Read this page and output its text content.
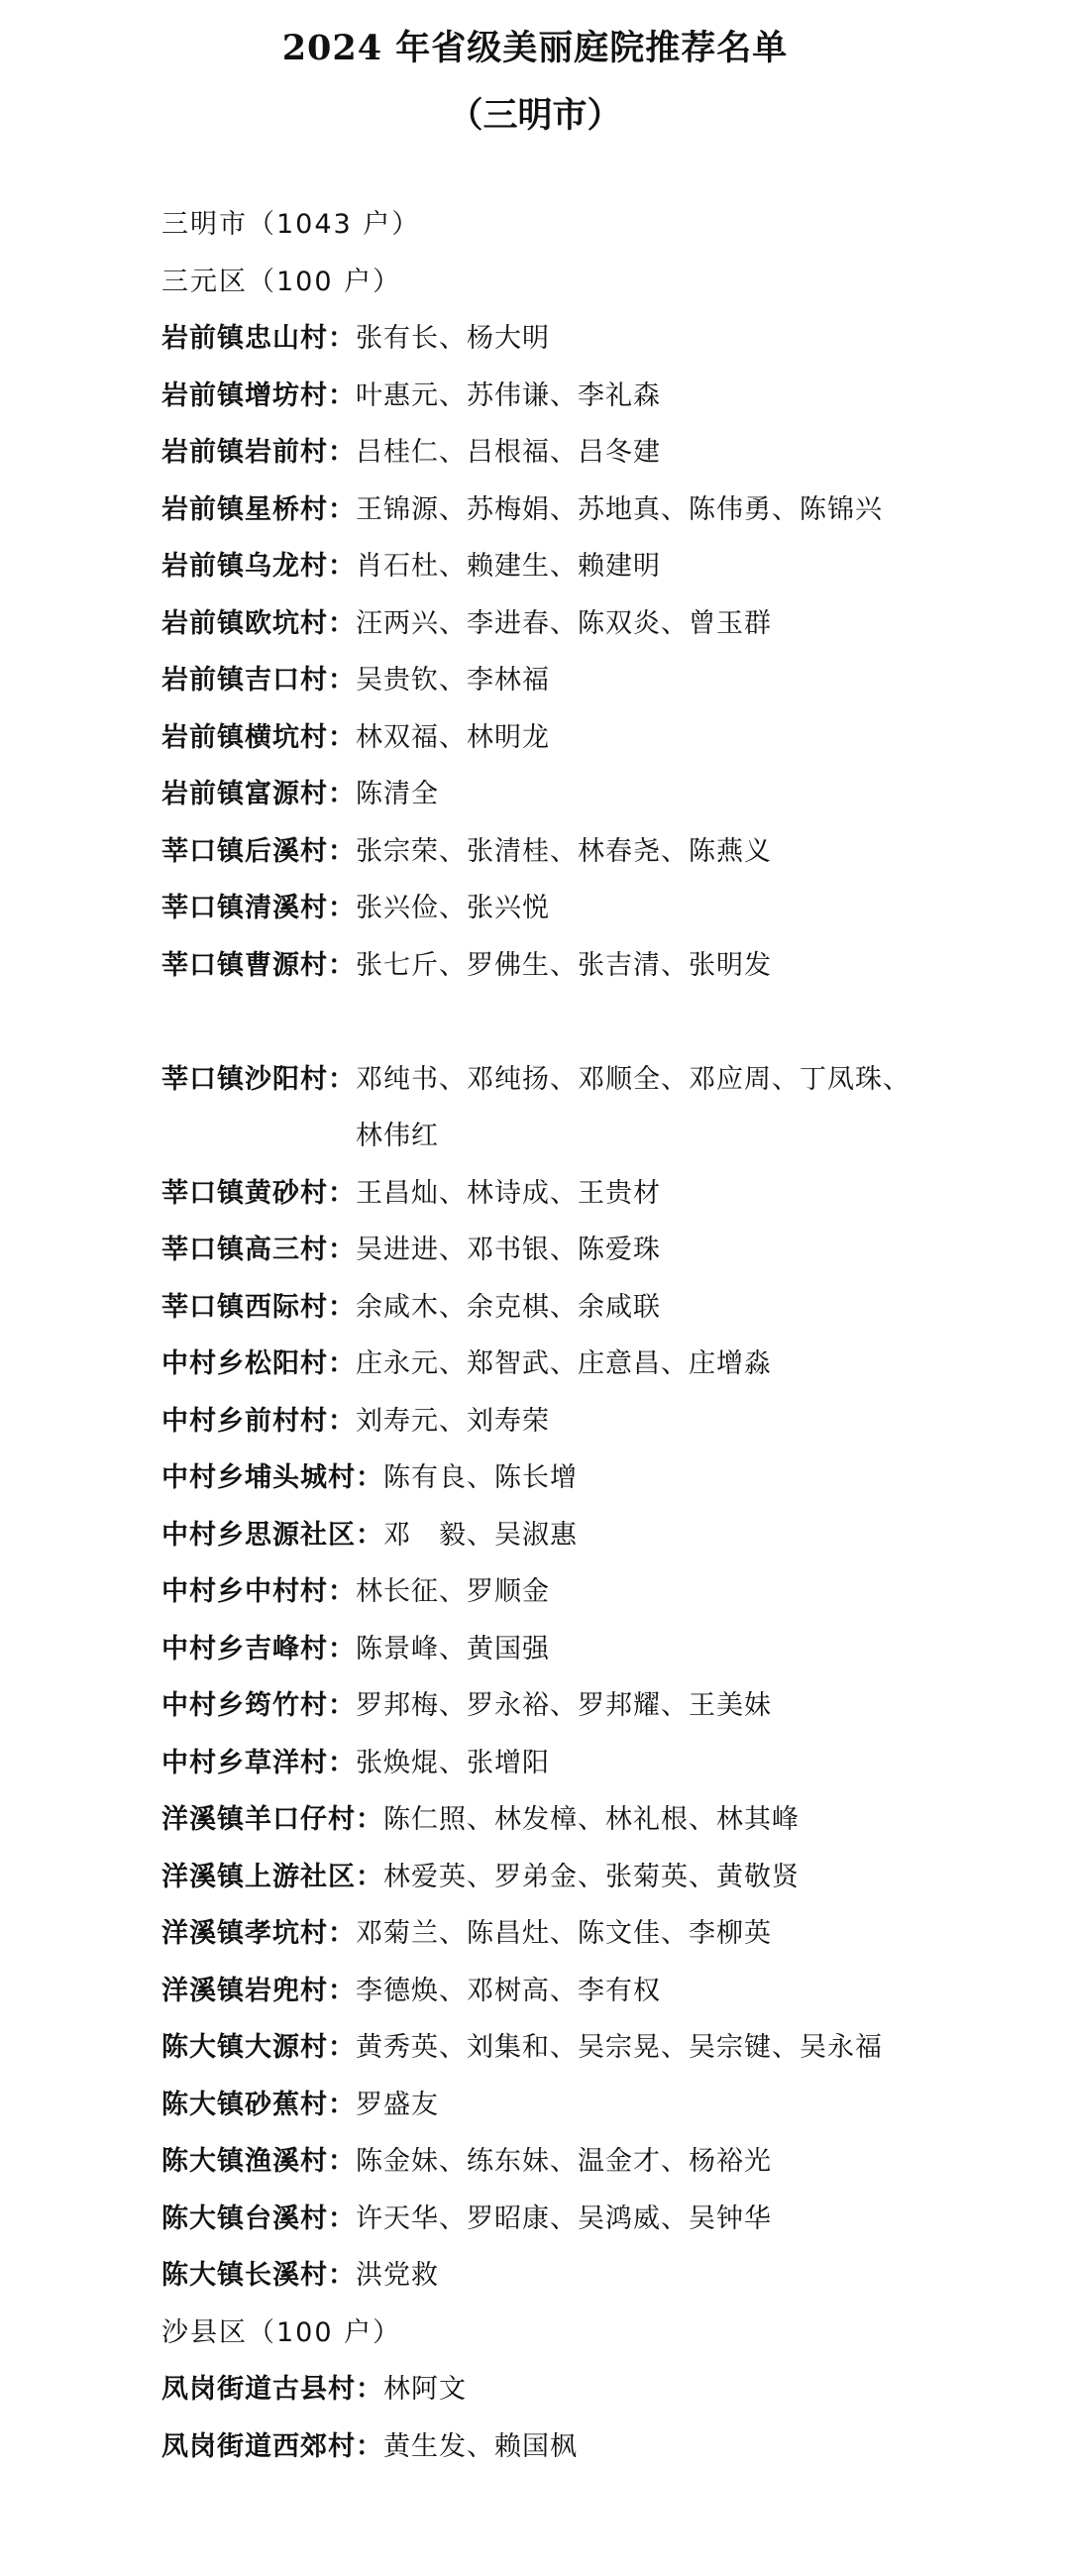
2024 年省级美丽庭院推荐名单
（三明市）
三明市 （1043 户）
三元区 （100 户）
岩前镇忠山村： 张有长、杨大明
岩前镇增坊村： 叶惠元、苏伟谦、李礼森
岩前镇岩前村： 吕桂仁、吕根福、吕冬建
岩前镇星桥村： 王锦源、苏梅娟、苏地真、陈伟勇、陈锦兴
岩前镇乌龙村： 肖石杜、赖建生、赖建明
岩前镇欧坑村： 汪两兴、李进春、陈双炎、曾玉群
岩前镇吉口村： 吴贵钦、李林福
岩前镇横坑村： 林双福、林明龙
岩前镇富源村： 陈清全
莘口镇后溪村： 张宗荣、张清桂、林春尧、陈燕义
莘口镇清溪村： 张兴俭、张兴悦
莘口镇曹源村： 张七斤、罗佛生、张吉清、张明发
莘口镇沙阳村： 邓纯书、邓纯扬、邓顺全、邓应周、丁凤珠、林伟红
莘口镇黄砂村： 王昌灿、林诗成、王贵材
莘口镇高三村： 吴进进、邓书银、陈爱珠
莘口镇西际村： 余咸木、余克棋、余咸联
中村乡松阳村： 庄永元、郑智武、庄意昌、庄增淼
中村乡前村村： 刘寿元、刘寿荣
中村乡埔头城村： 陈有良、陈长增
中村乡思源社区： 邓　毅、吴淑惠
中村乡中村村： 林长征、罗顺金
中村乡吉峰村： 陈景峰、黄国强
中村乡筠竹村： 罗邦梅、罗永裕、罗邦耀、王美妹
中村乡草洋村： 张焕焜、张增阳
洋溪镇羊口仔村： 陈仁照、林发樟、林礼根、林其峰
洋溪镇上游社区： 林爱英、罗弟金、张菊英、黄敬贤
洋溪镇孝坑村： 邓菊兰、陈昌灶、陈文佳、李柳英
洋溪镇岩兜村： 李德焕、邓树高、李有权
陈大镇大源村： 黄秀英、刘集和、吴宗晃、吴宗键、吴永福
陈大镇砂蕉村： 罗盛友
陈大镇渔溪村： 陈金妹、练东妹、温金才、杨裕光
陈大镇台溪村： 许天华、罗昭康、吴鸿威、吴钟华
陈大镇长溪村： 洪党救
沙县区 （100 户）
凤岗街道古县村： 林阿文
凤岗街道西郊村： 黄生发、赖国枫
